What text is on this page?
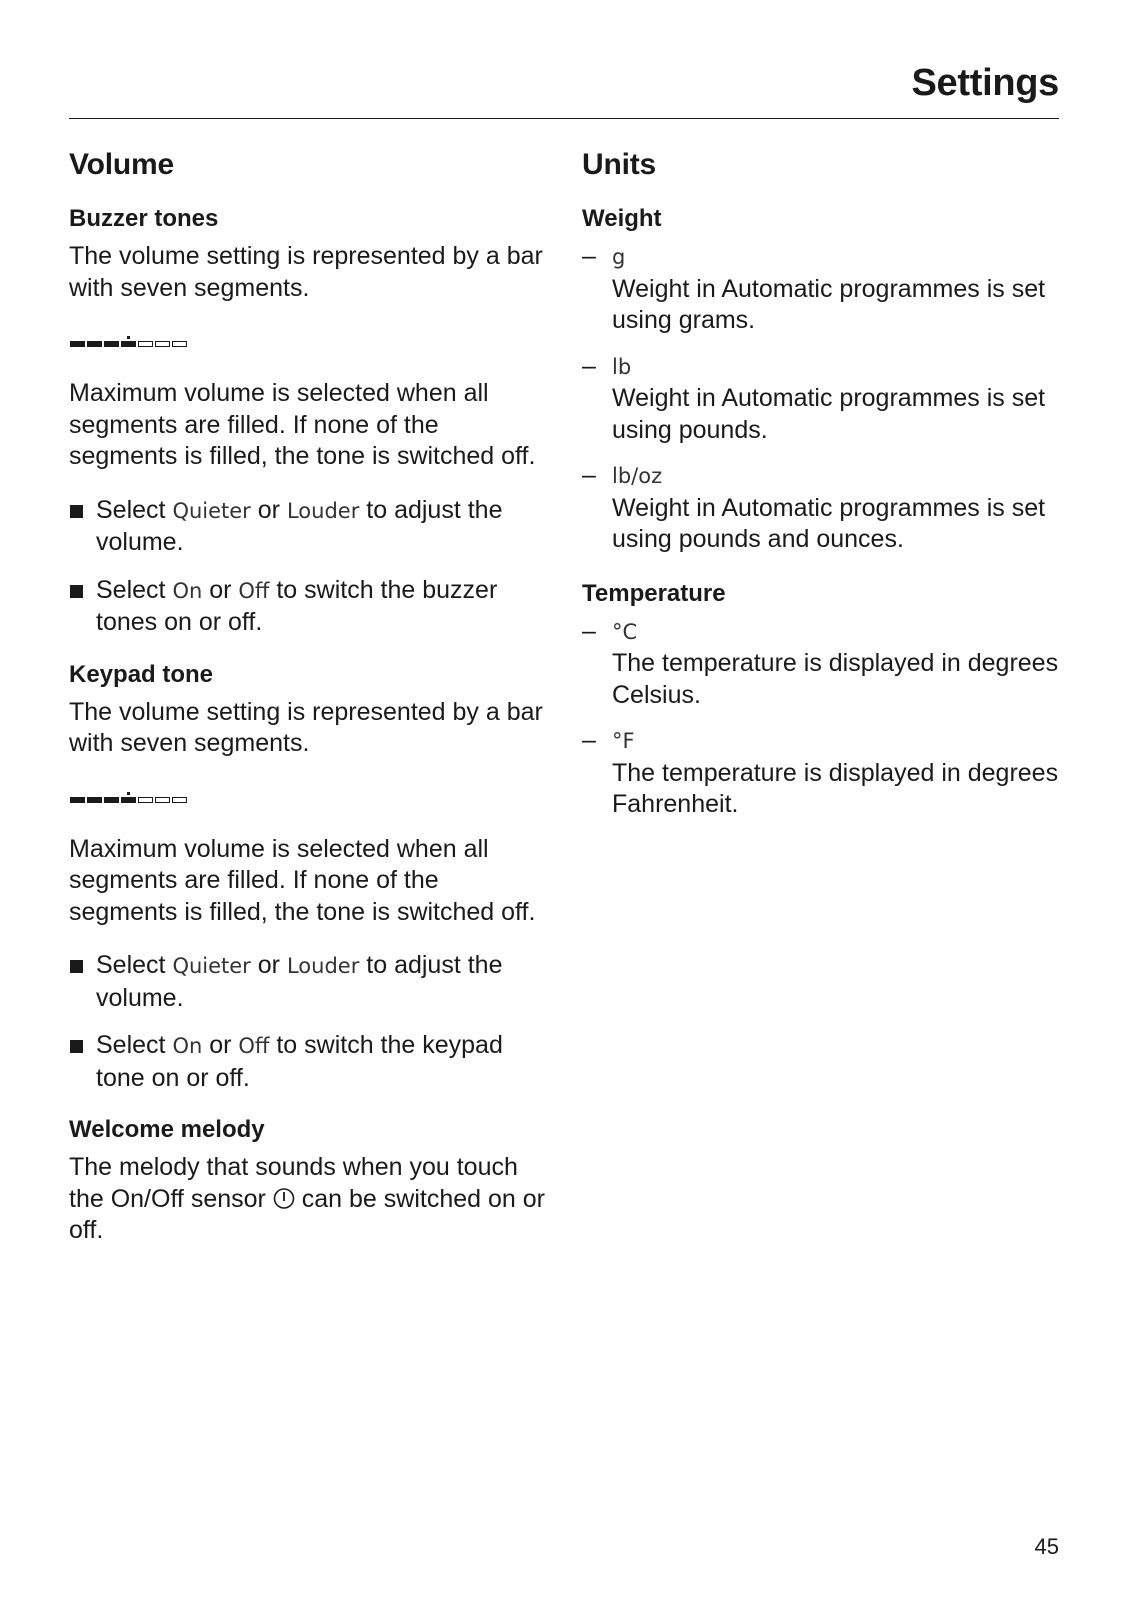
Settings
Volume
Buzzer tones

The volume setting is represented by a bar with seven segments.

Maximum volume is selected when all segments are filled. If none of the segments is filled, the tone is switched off.

Select Quieter or Louder to adjust the volume.

Select On or Off to switch the buzzer tones on or off.

Keypad tone

The volume setting is represented by a bar with seven segments.

Maximum volume is selected when all segments are filled. If none of the segments is filled, the tone is switched off.

Select Quieter or Louder to adjust the volume.

Select On or Off to switch the keypad tone on or off.

Welcome melody

The melody that sounds when you touch the On/Off sensor  can be switched on or off.

Units
Weight
– g

Weight in Automatic programmes is set using grams.

– lb

Weight in Automatic programmes is set using pounds.

– lb/oz

Weight in Automatic programmes is set using pounds and ounces.

Temperature
– °C

The temperature is displayed in degrees Celsius.

– °F

The temperature is displayed in degrees Fahrenheit.

45
